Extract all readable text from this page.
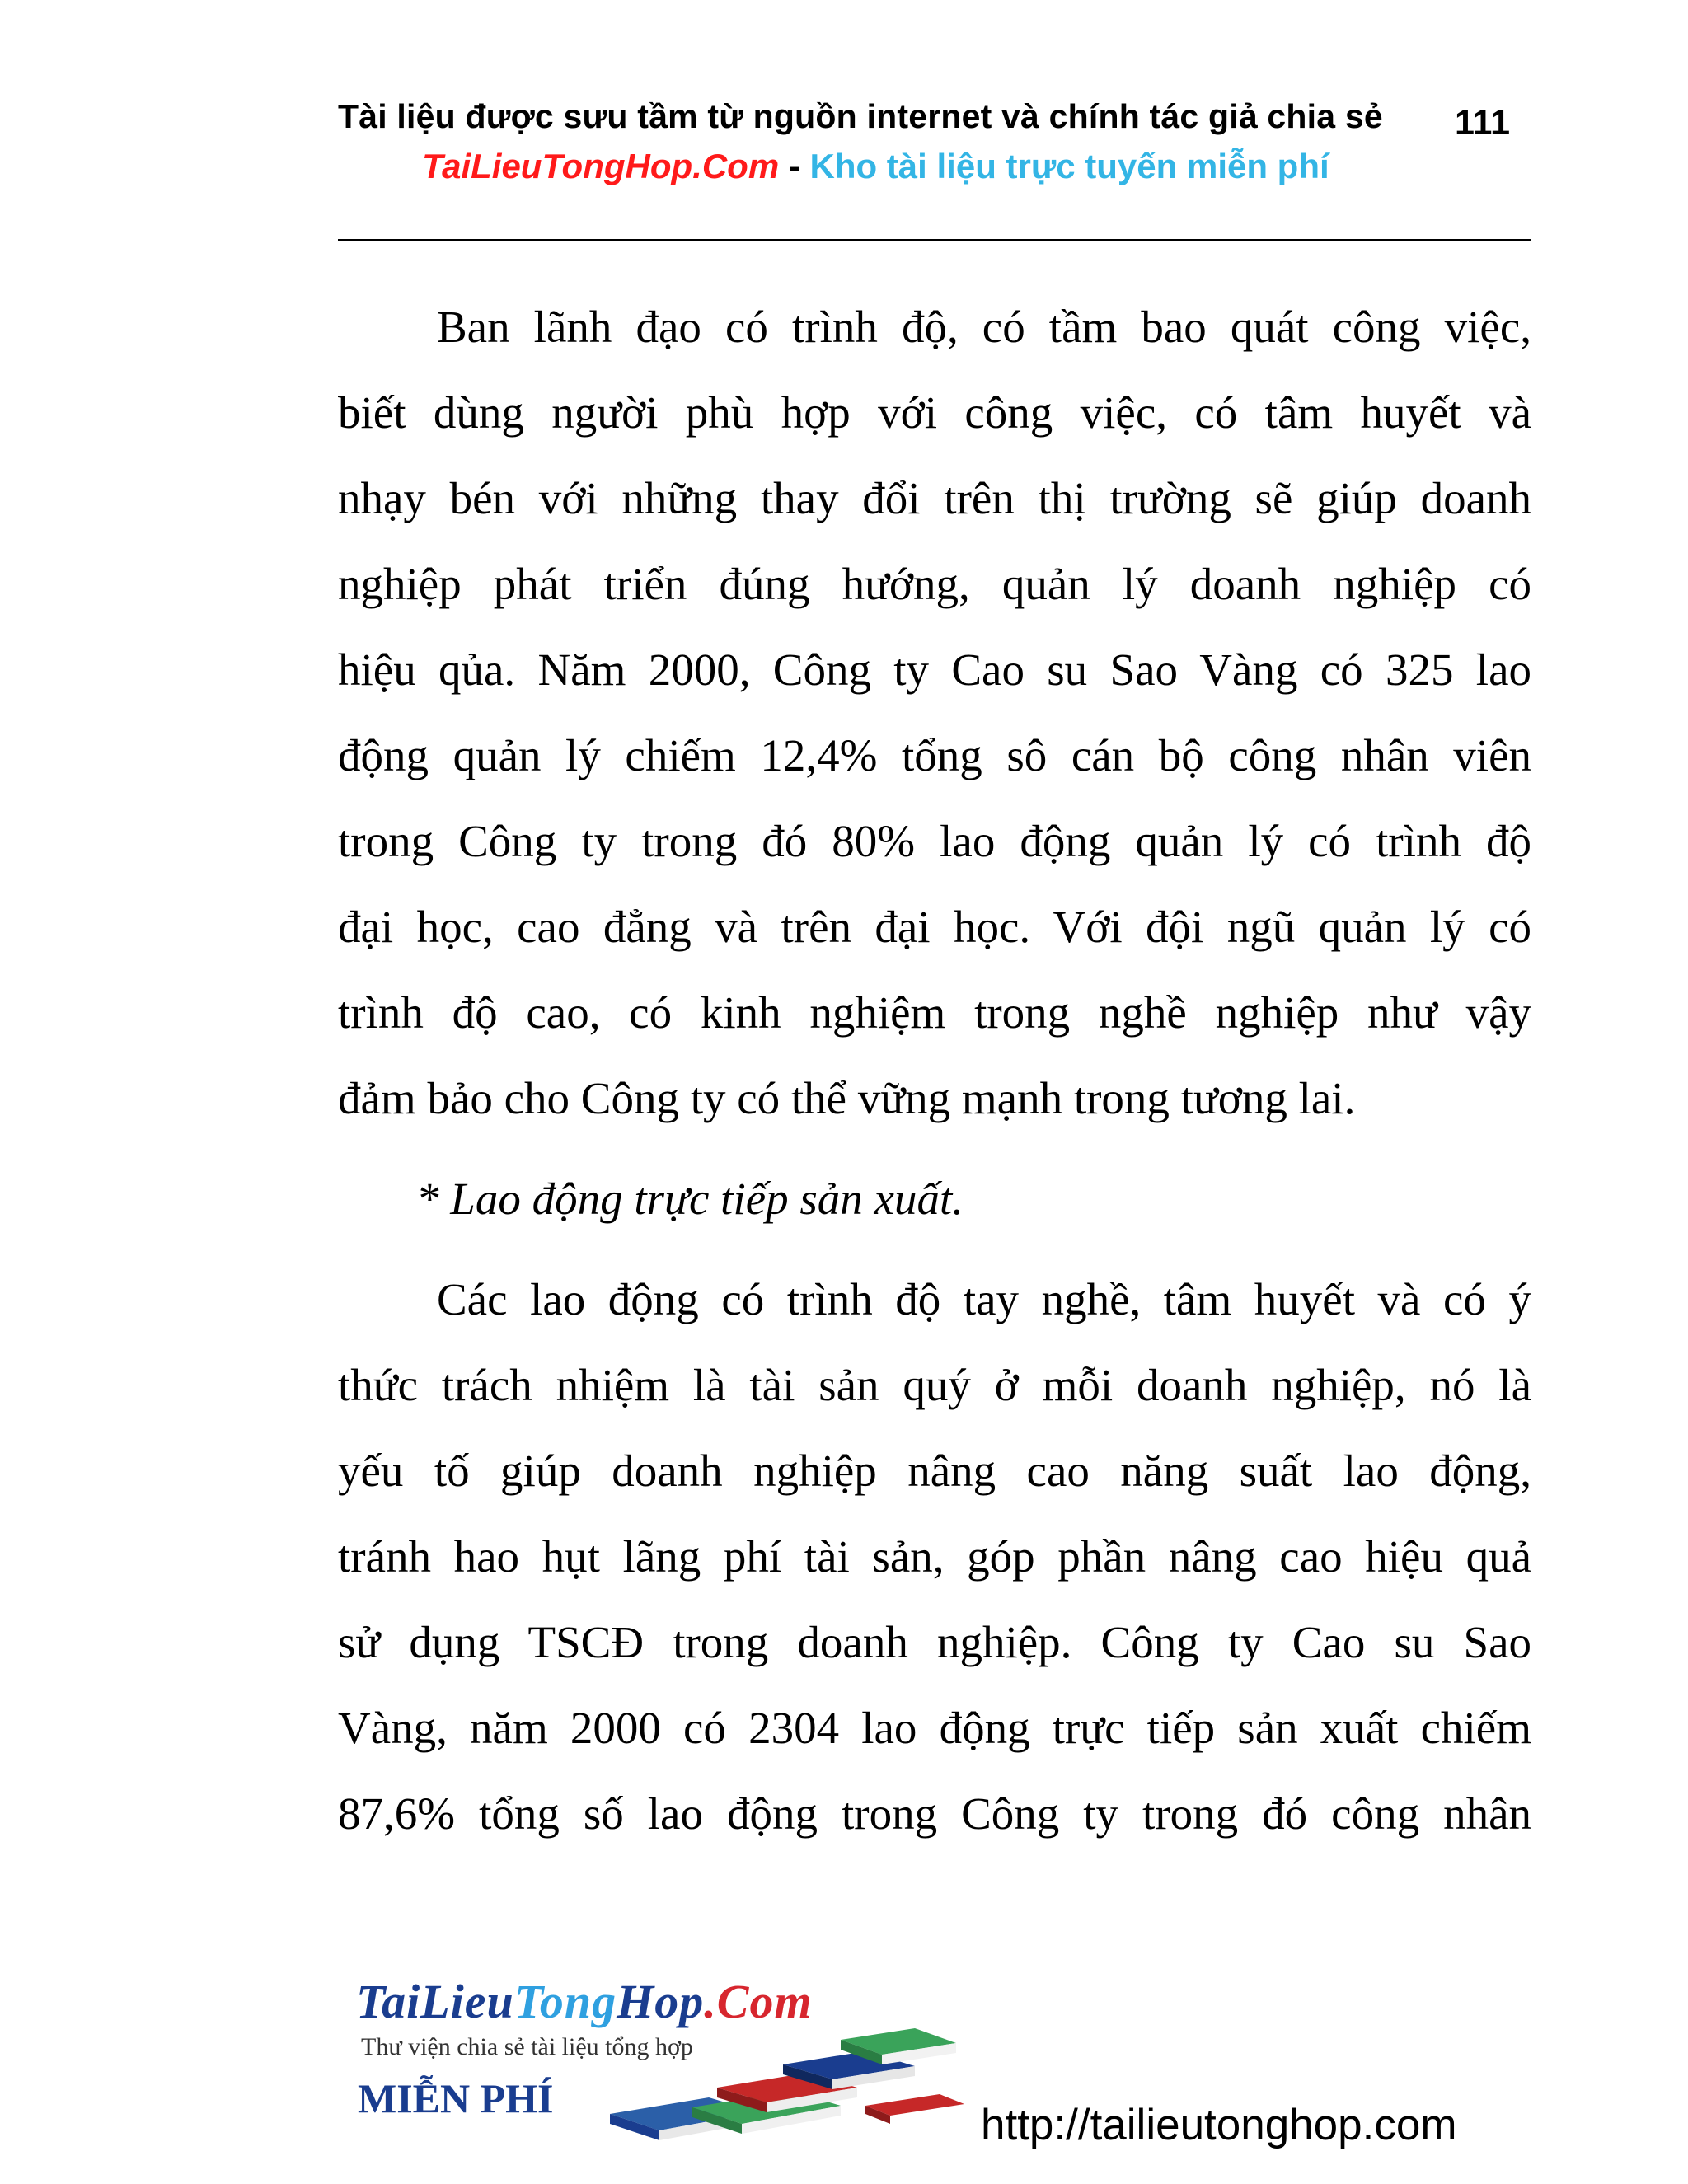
Tài liệu được sưu tầm từ nguồn internet và chính tác giả chia sẻ	111
TaiLieuTongHop.Com - Kho tài liệu trực tuyến miễn phí
Ban lãnh đạo có trình độ, có tầm bao quát công việc,
biết dùng người phù hợp với công việc, có tâm huyết và
nhạy bén với những thay đổi trên thị trường sẽ giúp doanh
nghiệp phát triển đúng hướng, quản lý doanh nghiệp có
hiệu qủa. Năm 2000, Công ty Cao su Sao Vàng có 325 lao
động quản lý chiếm 12,4% tổng sô cán bộ công nhân viên
trong Công ty trong đó 80% lao động quản lý có trình độ
đại học, cao đẳng và trên đại học. Với đội ngũ quản lý có
trình độ cao, có kinh nghiệm trong nghề nghiệp như vậy
đảm bảo cho Công ty có thể vững mạnh trong tương lai.
* Lao động trực tiếp sản xuất.
Các lao động có trình độ tay nghề, tâm huyết và có ý
thức trách nhiệm là tài sản quý ở mỗi doanh nghiệp, nó là
yếu tố giúp doanh nghiệp nâng cao năng suất lao động,
tránh hao hụt lãng phí tài sản, góp phần nâng cao hiệu quả
sử dụng TSCĐ trong doanh nghiệp. Công ty Cao su Sao
Vàng, năm 2000 có 2304 lao động trực tiếp sản xuất chiếm
87,6% tổng số lao động trong Công ty trong đó công nhân
TaiLieuTongHop.Com
Thư viện chia sẻ tài liệu tổng hợp
MIỄN PHÍ
http://tailieutonghop.com
